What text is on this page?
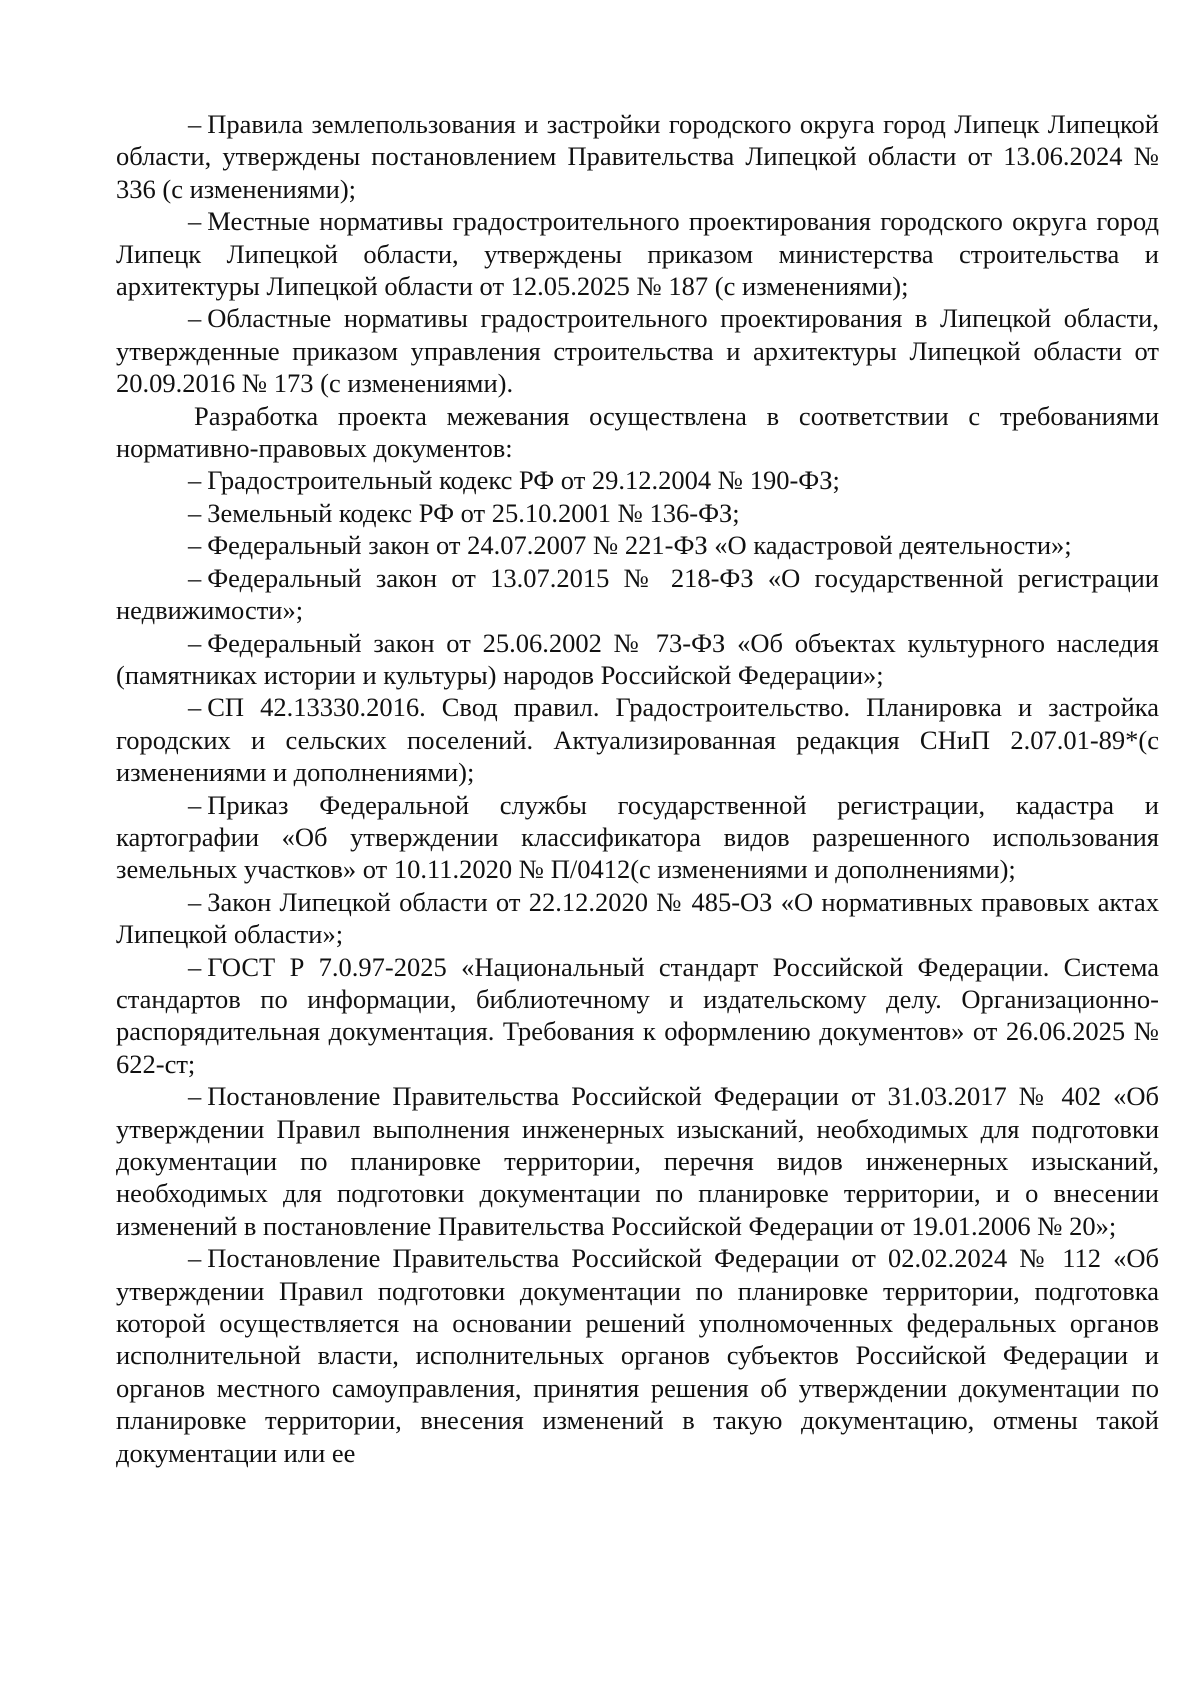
– Правила землепользования и застройки городского округа город Липецк Липецкой области, утверждены постановлением Правительства Липецкой области от 13.06.2024 № 336 (с изменениями);

– Местные нормативы градостроительного проектирования городского округа город Липецк Липецкой области, утверждены приказом министерства строительства и архитектуры Липецкой области от 12.05.2025 № 187 (с изменениями);

– Областные нормативы градостроительного проектирования в Липецкой области, утвержденные приказом управления строительства и архитектуры Липецкой области от 20.09.2016 № 173 (с изменениями).

Разработка проекта межевания осуществлена в соответствии с требованиями нормативно-правовых документов:

– Градостроительный кодекс РФ от 29.12.2004 № 190-ФЗ;

– Земельный кодекс РФ от 25.10.2001 № 136-ФЗ;

– Федеральный закон от 24.07.2007 № 221-ФЗ «О кадастровой деятельности»;

– Федеральный закон от 13.07.2015 № 218-ФЗ «О государственной регистрации недвижимости»;

– Федеральный закон от 25.06.2002 № 73-ФЗ «Об объектах культурного наследия (памятниках истории и культуры) народов Российской Федерации»;

– СП 42.13330.2016. Свод правил. Градостроительство. Планировка и застройка городских и сельских поселений. Актуализированная редакция СНиП 2.07.01-89*(с изменениями и дополнениями);

– Приказ Федеральной службы государственной регистрации, кадастра и картографии «Об утверждении классификатора видов разрешенного использования земельных участков» от 10.11.2020 № П/0412(с изменениями и дополнениями);

– Закон Липецкой области от 22.12.2020 № 485-ОЗ «О нормативных правовых актах Липецкой области»;

– ГОСТ Р 7.0.97-2025 «Национальный стандарт Российской Федерации. Система стандартов по информации, библиотечному и издательскому делу. Организационно-распорядительная документация. Требования к оформлению документов» от 26.06.2025 № 622-ст;

– Постановление Правительства Российской Федерации от 31.03.2017 № 402 «Об утверждении Правил выполнения инженерных изысканий, необходимых для подготовки документации по планировке территории, перечня видов инженерных изысканий, необходимых для подготовки документации по планировке территории, и о внесении изменений в постановление Правительства Российской Федерации от 19.01.2006 № 20»;

– Постановление Правительства Российской Федерации от 02.02.2024 № 112 «Об утверждении Правил подготовки документации по планировке территории, подготовка которой осуществляется на основании решений уполномоченных федеральных органов исполнительной власти, исполнительных органов субъектов Российской Федерации и органов местного самоуправления, принятия решения об утверждении документации по планировке территории, внесения изменений в такую документацию, отмены такой документации или ее
